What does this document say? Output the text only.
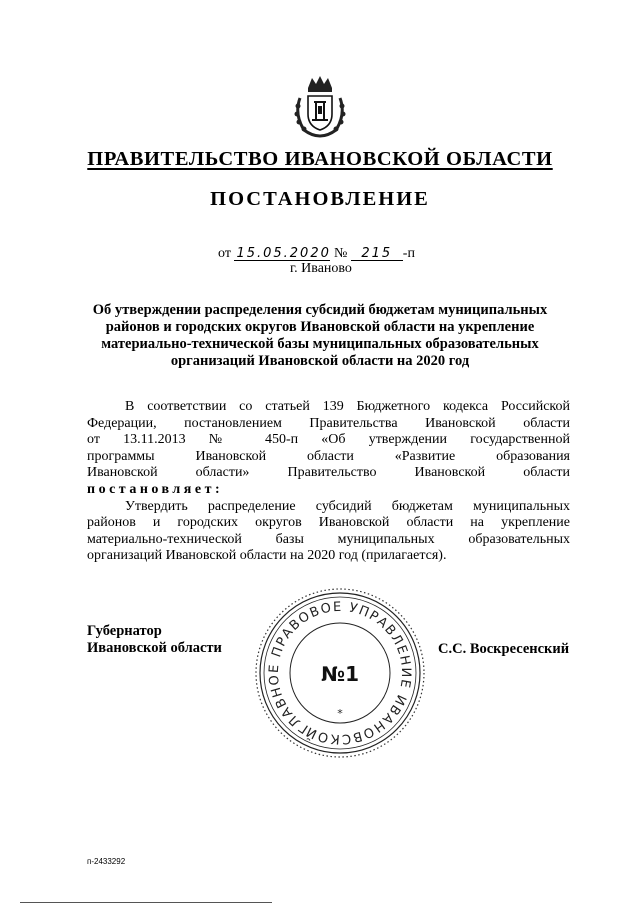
ПРАВИТЕЛЬСТВО ИВАНОВСКОЙ ОБЛАСТИ
ПОСТАНОВЛЕНИЕ
от 15.05.2020 № 215 -п
г. Иваново
Об утверждении распределения субсидий бюджетам муниципальных районов и городских округов Ивановской области на укрепление материально-технической базы муниципальных образовательных организаций Ивановской области на 2020 год

В соответствии со статьей 139 Бюджетного кодекса Российской

Федерации, постановлением Правительства Ивановской области

от 13.11.2013 № 450-п «Об утверждении государственной

программы Ивановской области «Развитие образования

Ивановской области» Правительство Ивановской области

постановляет:

Утвердить распределение субсидий бюджетам муниципальных

районов и городских округов Ивановской области на укрепление

материально-технической базы муниципальных образовательных

организаций Ивановской области на 2020 год (прилагается).

Губернатор
Ивановской области	С.С. Воскресенский
ГЛАВНОЕ ПРАВОВОЕ УПРАВЛЕНИЕ ИВАНОВСКОЙ
№1
*
п-2433292
